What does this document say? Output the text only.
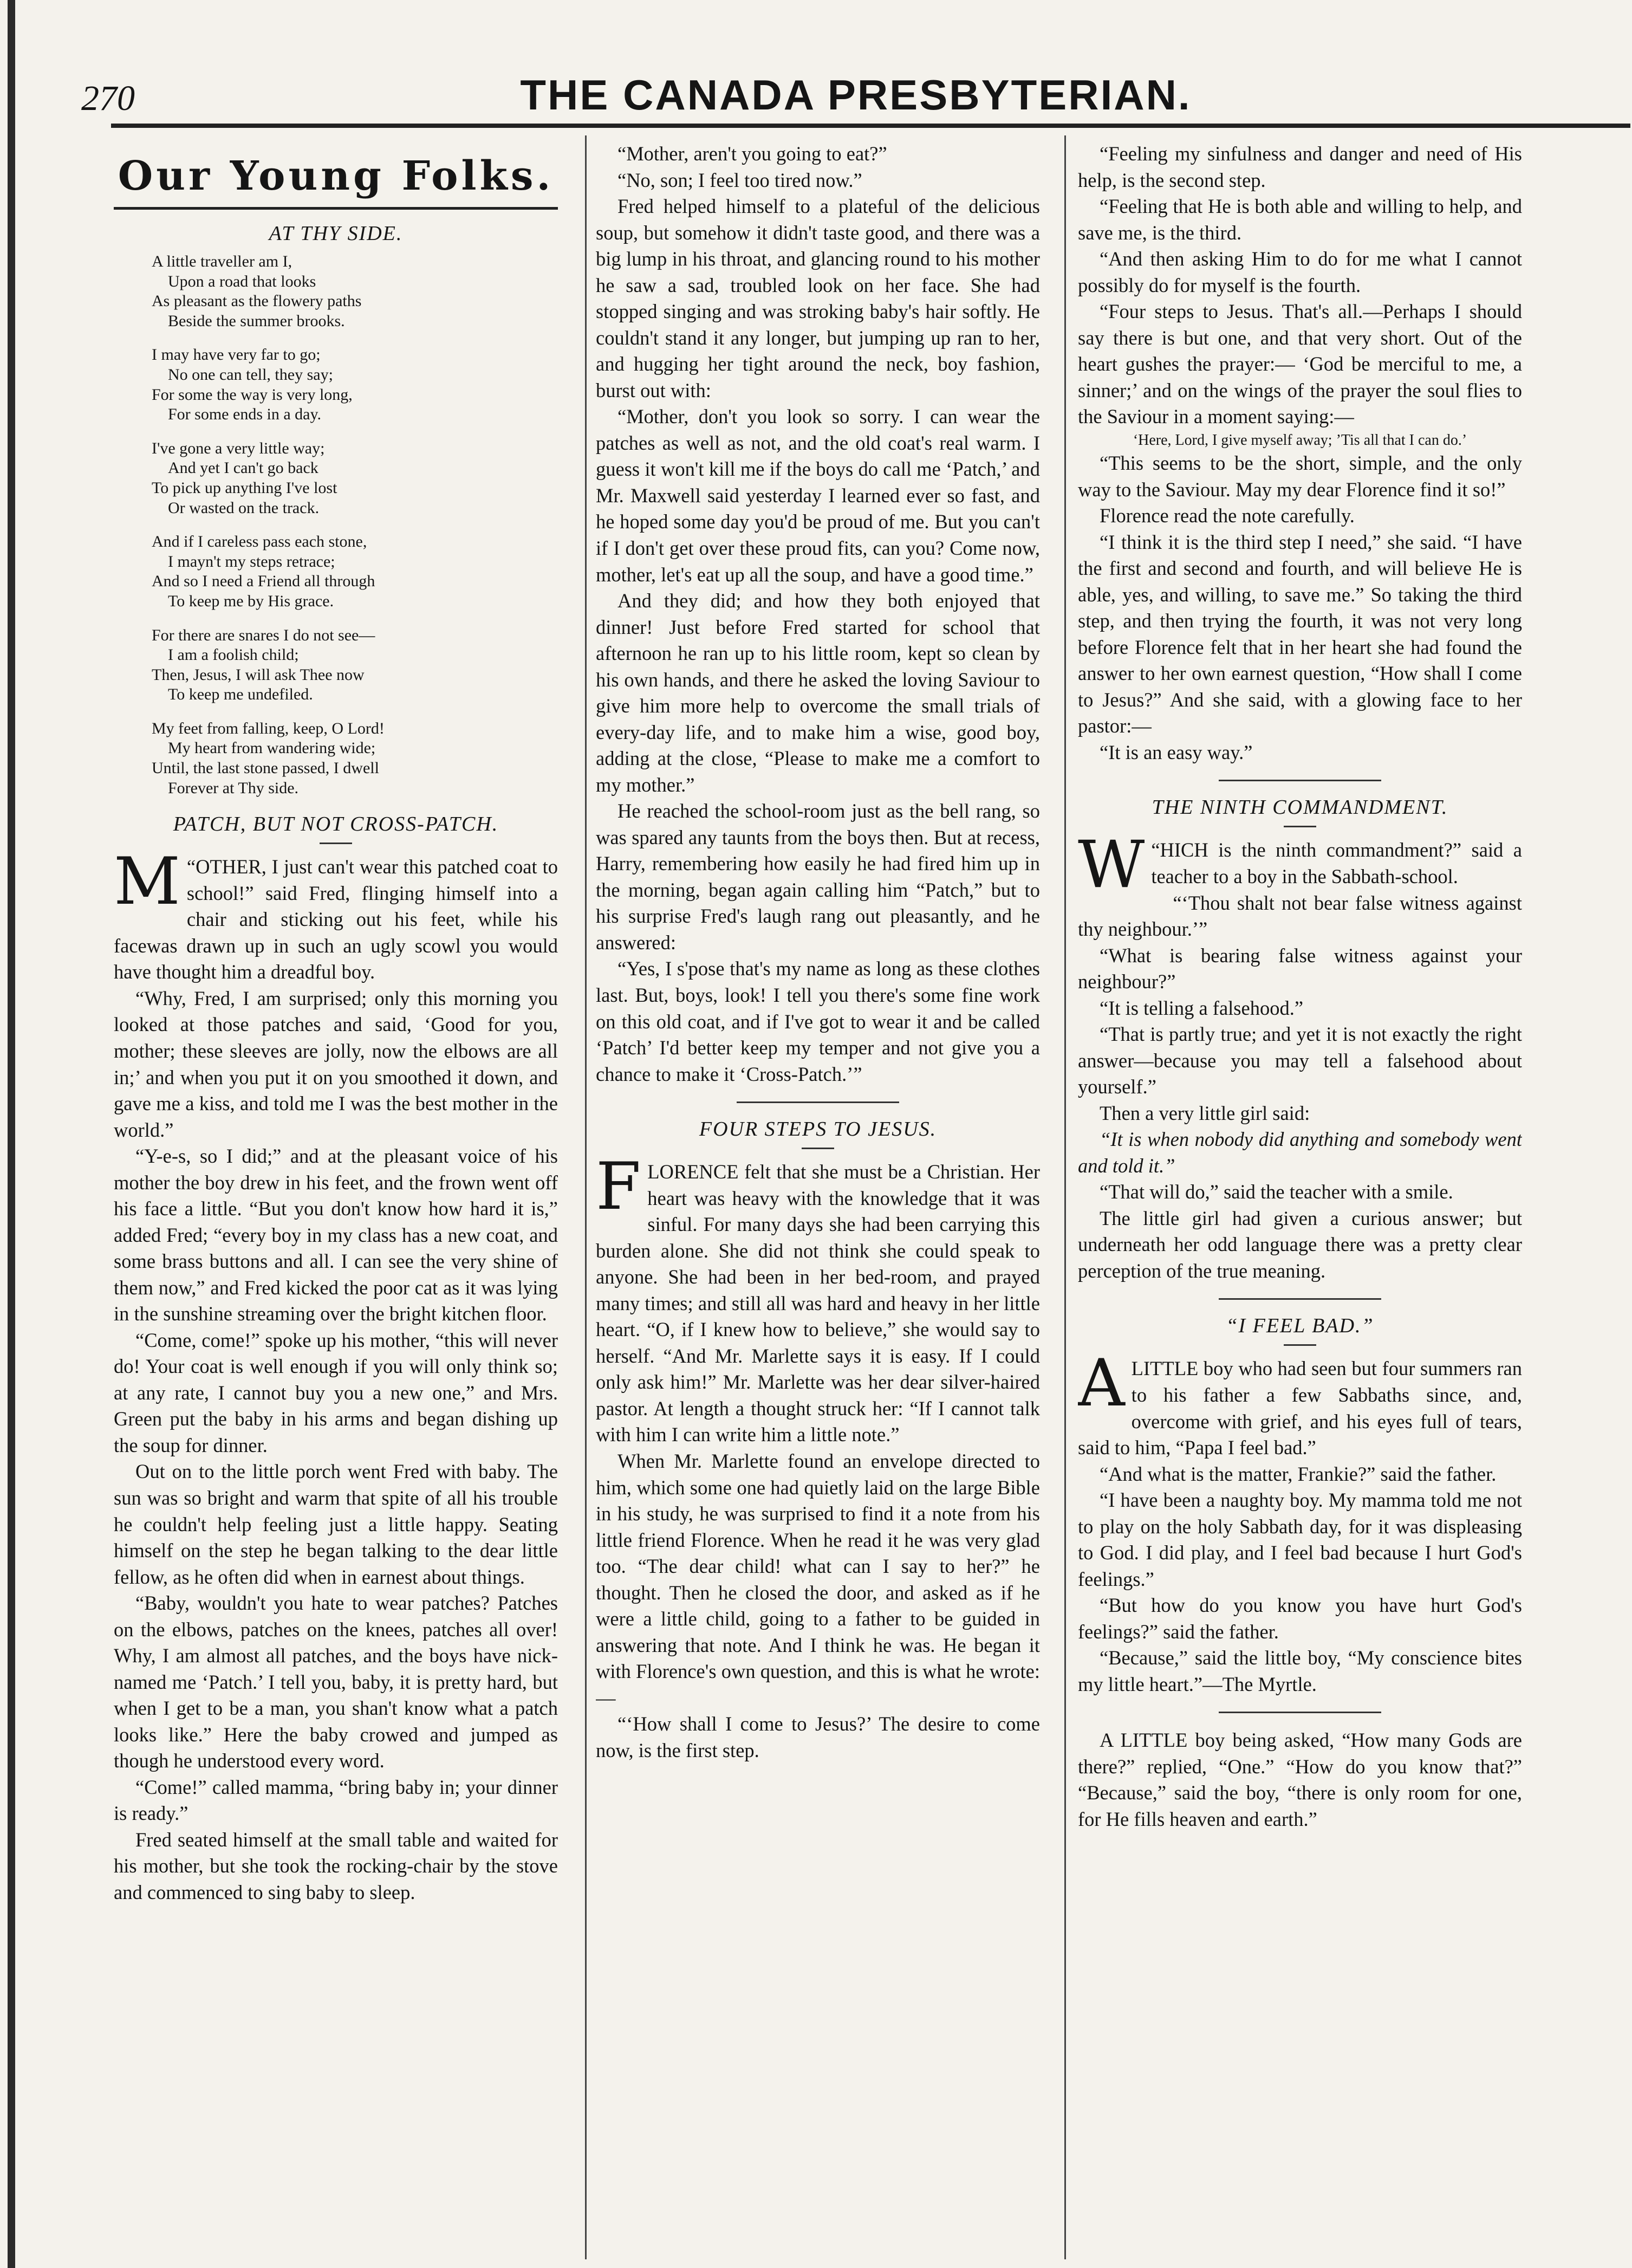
270	THE CANADA PRESBYTERIAN.
Our Young Folks.
AT THY SIDE.
A little traveller am I,
Upon a road that looks
As pleasant as the flowery paths
Beside the summer brooks.
I may have very far to go;
No one can tell, they say;
For some the way is very long,
For some ends in a day.
I've gone a very little way;
And yet I can't go back
To pick up anything I've lost
Or wasted on the track.
And if I careless pass each stone,
I mayn't my steps retrace;
And so I need a Friend all through
To keep me by His grace.
For there are snares I do not see—
I am a foolish child;
Then, Jesus, I will ask Thee now
To keep me undefiled.
My feet from falling, keep, O Lord!
My heart from wandering wide;
Until, the last stone passed, I dwell
Forever at Thy side.
PATCH, BUT NOT CROSS-PATCH.

M “OTHER, I just can't wear this patched coat to school!” said Fred, flinging himself into a chair and sticking out his feet, while his facewas drawn up in such an ugly scowl you would have thought him a dreadful boy.

“Why, Fred, I am surprised; only this morning you looked at those patches and said, ‘Good for you, mother; these sleeves are jolly, now the elbows are all in;’ and when you put it on you smoothed it down, and gave me a kiss, and told me I was the best mother in the world.”

“Y-e-s, so I did;” and at the pleasant voice of his mother the boy drew in his feet, and the frown went off his face a little. “But you don't know how hard it is,” added Fred; “every boy in my class has a new coat, and some brass buttons and all. I can see the very shine of them now,” and Fred kicked the poor cat as it was lying in the sunshine streaming over the bright kitchen floor.

“Come, come!” spoke up his mother, “this will never do! Your coat is well enough if you will only think so; at any rate, I cannot buy you a new one,” and Mrs. Green put the baby in his arms and began dishing up the soup for dinner.

Out on to the little porch went Fred with baby. The sun was so bright and warm that spite of all his trouble he couldn't help feeling just a little happy. Seating himself on the step he began talking to the dear little fellow, as he often did when in earnest about things.

“Baby, wouldn't you hate to wear patches? Patches on the elbows, patches on the knees, patches all over! Why, I am almost all patches, and the boys have nick-named me ‘Patch.’ I tell you, baby, it is pretty hard, but when I get to be a man, you shan't know what a patch looks like.” Here the baby crowed and jumped as though he understood every word.

“Come!” called mamma, “bring baby in; your dinner is ready.”

Fred seated himself at the small table and waited for his mother, but she took the rocking-chair by the stove and commenced to sing baby to sleep.

“Mother, aren't you going to eat?”

“No, son; I feel too tired now.”

Fred helped himself to a plateful of the delicious soup, but somehow it didn't taste good, and there was a big lump in his throat, and glancing round to his mother he saw a sad, troubled look on her face. She had stopped singing and was stroking baby's hair softly. He couldn't stand it any longer, but jumping up ran to her, and hugging her tight around the neck, boy fashion, burst out with:

“Mother, don't you look so sorry. I can wear the patches as well as not, and the old coat's real warm. I guess it won't kill me if the boys do call me ‘Patch,’ and Mr. Maxwell said yesterday I learned ever so fast, and he hoped some day you'd be proud of me. But you can't if I don't get over these proud fits, can you? Come now, mother, let's eat up all the soup, and have a good time.”

And they did; and how they both enjoyed that dinner! Just before Fred started for school that afternoon he ran up to his little room, kept so clean by his own hands, and there he asked the loving Saviour to give him more help to overcome the small trials of every-day life, and to make him a wise, good boy, adding at the close, “Please to make me a comfort to my mother.”

He reached the school-room just as the bell rang, so was spared any taunts from the boys then. But at recess, Harry, remembering how easily he had fired him up in the morning, began again calling him “Patch,” but to his surprise Fred's laugh rang out pleasantly, and he answered:

“Yes, I s'pose that's my name as long as these clothes last. But, boys, look! I tell you there's some fine work on this old coat, and if I've got to wear it and be called ‘Patch’ I'd better keep my temper and not give you a chance to make it ‘Cross-Patch.’”

FOUR STEPS TO JESUS.

FLORENCE felt that she must be a Christian. Her heart was heavy with the knowledge that it was sinful. For many days she had been carrying this burden alone. She did not think she could speak to anyone. She had been in her bed-room, and prayed many times; and still all was hard and heavy in her little heart. “O, if I knew how to believe,” she would say to herself. “And Mr. Marlette says it is easy. If I could only ask him!” Mr. Marlette was her dear silver-haired pastor. At length a thought struck her: “If I cannot talk with him I can write him a little note.”

When Mr. Marlette found an envelope directed to him, which some one had quietly laid on the large Bible in his study, he was surprised to find it a note from his little friend Florence. When he read it he was very glad too. “The dear child! what can I say to her?” he thought. Then he closed the door, and asked as if he were a little child, going to a father to be guided in answering that note. And I think he was. He began it with Florence's own question, and this is what he wrote:—

“‘How shall I come to Jesus?’ The desire to come now, is the first step.

“Feeling my sinfulness and danger and need of His help, is the second step.

“Feeling that He is both able and willing to help, and save me, is the third.

“And then asking Him to do for me what I cannot possibly do for myself is the fourth.

“Four steps to Jesus. That's all.—Perhaps I should say there is but one, and that very short. Out of the heart gushes the prayer:— ‘God be merciful to me, a sinner;’ and on the wings of the prayer the soul flies to the Saviour in a moment saying:—

‘Here, Lord, I give myself away; ’Tis all that I can do.’

“This seems to be the short, simple, and the only way to the Saviour. May my dear Florence find it so!”

Florence read the note carefully.

“I think it is the third step I need,” she said. “I have the first and second and fourth, and will believe He is able, yes, and willing, to save me.” So taking the third step, and then trying the fourth, it was not very long before Florence felt that in her heart she had found the answer to her own earnest question, “How shall I come to Jesus?” And she said, with a glowing face to her pastor:—

“It is an easy way.”

THE NINTH COMMANDMENT.

W “HICH is the ninth commandment?” said a teacher to a boy in the Sabbath-school.

“‘Thou shalt not bear false witness against thy neighbour.’”

“What is bearing false witness against your neighbour?”

“It is telling a falsehood.”

“That is partly true; and yet it is not exactly the right answer—because you may tell a falsehood about yourself.”

Then a very little girl said:

“It is when nobody did anything and somebody went and told it.”

“That will do,” said the teacher with a smile.

The little girl had given a curious answer; but underneath her odd language there was a pretty clear perception of the true meaning.

“I FEEL BAD.”

ALITTLE boy who had seen but four summers ran to his father a few Sabbaths since, and, overcome with grief, and his eyes full of tears, said to him, “Papa I feel bad.”

“And what is the matter, Frankie?” said the father.

“I have been a naughty boy. My mamma told me not to play on the holy Sabbath day, for it was displeasing to God. I did play, and I feel bad because I hurt God's feelings.”

“But how do you know you have hurt God's feelings?” said the father.

“Because,” said the little boy, “My conscience bites my little heart.”—The Myrtle.

A LITTLE boy being asked, “How many Gods are there?” replied, “One.” “How do you know that?” “Because,” said the boy, “there is only room for one, for He fills heaven and earth.”
